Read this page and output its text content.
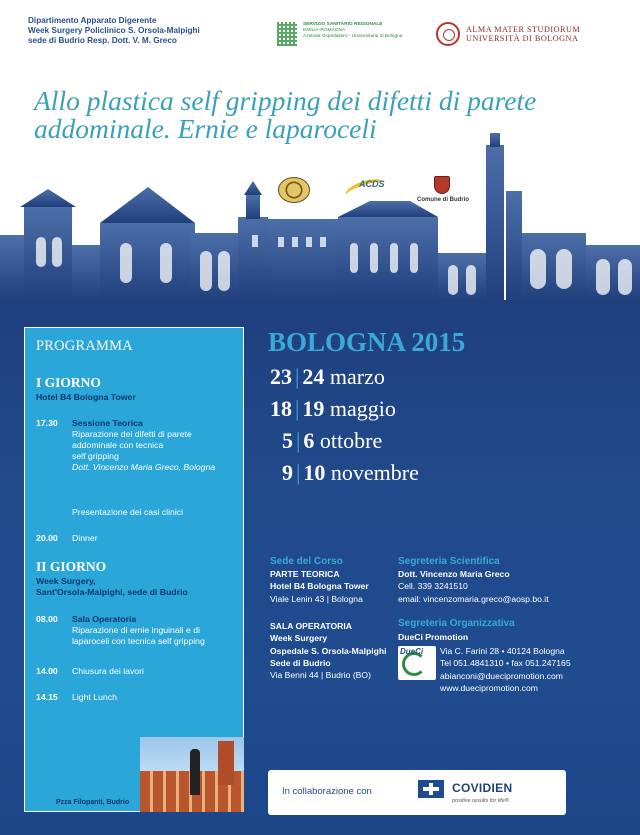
Dipartimento Apparato Digerente
Week Surgery Policlinico S. Orsola-Malpighi
sede di Budrio Resp. Dott. V. M. Greco
SERVIZIO SANITARIO REGIONALE
EMILIA-ROMAGNA
Azienda Ospedaliero - Universitaria di Bologna
ALMA MATER STUDIORUM
UNIVERSITÀ DI BOLOGNA
Allo plastica self gripping dei difetti di parete addominale. Ernie e laparoceli
ACDS
Comune di Budrio
PROGRAMMA
I GIORNO
Hotel B4 Bologna Tower
17.30 Sessione Teorica
Riparazione dei difetti di parete
addominale con tecnica
self gripping
Dott. Vincenzo Maria Greco, Bologna
Presentazione dei casi clinici
20.00 Dinner
II GIORNO
Week Surgery,
Sant'Orsola-Malpighi, sede di Budrio
08.00 Sala Operatoria
Riparazione di ernie inguinali e di
laparoceli con tecnica self gripping
14.00 Chiusura dei lavori
14.15 Light Lunch
Pzza Filopanti, Budrio
BOLOGNA 2015
23 | 24 marzo
18 | 19 maggio
5 | 6 ottobre
9 | 10 novembre
Sede del Corso
PARTE TEORICA
Hotel B4 Bologna Tower
Viale Lenin 43 | Bologna
SALA OPERATORIA
Week Surgery
Ospedale S. Orsola-Malpighi
Sede di Budrio
Via Benni 44 | Budrio (BO)
Segreteria Scientifica
Dott. Vincenzo Maria Greco
Cell. 339 3241510
email: vincenzomaria.greco@aosp.bo.it
Segreteria Organizzativa
DueCi Promotion
DueCi Via C. Farini 28 • 40124 Bologna
Tel 051.4841310 • fax 051.247165
abianconi@duecipromotion.com
www.duecipromotion.com
In collaborazione con	COVIDIEN
positive results for life®
